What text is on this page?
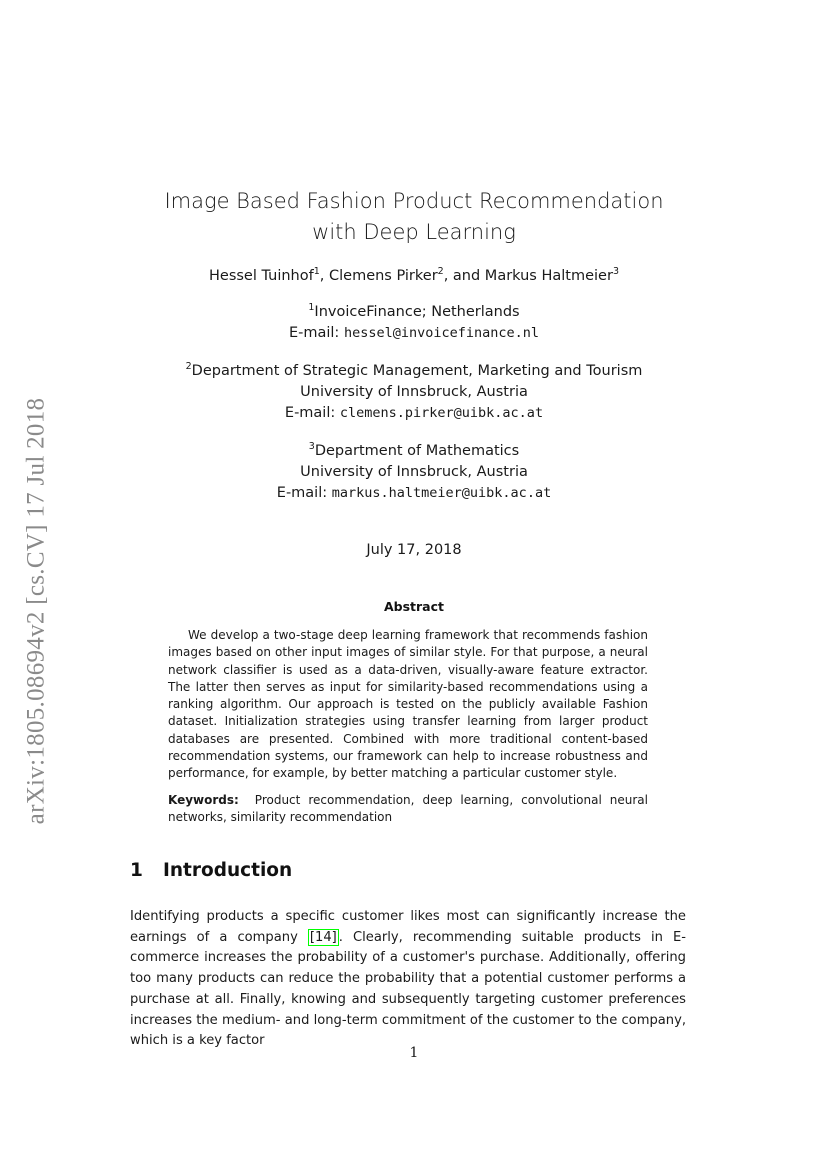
arXiv:1805.08694v2 [cs.CV] 17 Jul 2018
Image Based Fashion Product Recommendation
with Deep Learning
Hessel Tuinhof$^1$, Clemens Pirker$^2$, and Markus Haltmeier$^3$
$^1$InvoiceFinance; Netherlands
E-mail: hessel@invoicefinance.nl
$^2$Department of Strategic Management, Marketing and Tourism
University of Innsbruck, Austria
E-mail: clemens.pirker@uibk.ac.at
$^3$Department of Mathematics
University of Innsbruck, Austria
E-mail: markus.haltmeier@uibk.ac.at
July 17, 2018
Abstract
We develop a two-stage deep learning framework that recommends fashion images based on other input images of similar style. For that purpose, a neural network classifier is used as a data-driven, visually-aware feature extractor. The latter then serves as input for similarity-based recommendations using a ranking algorithm. Our approach is tested on the publicly available Fashion dataset. Initialization strategies using transfer learning from larger product databases are presented. Combined with more traditional content-based recommendation systems, our framework can help to increase robustness and performance, for example, by better matching a particular customer style.
Keywords: Product recommendation, deep learning, convolutional neural networks, similarity recommendation
1 Introduction
Identifying products a specific customer likes most can significantly increase the earnings of a company [14] . Clearly, recommending suitable products in E-commerce increases the probability of a customer's purchase. Additionally, offering too many products can reduce the probability that a potential customer performs a purchase at all. Finally, knowing and subsequently targeting customer preferences increases the medium- and long-term commitment of the customer to the company, which is a key factor
1
